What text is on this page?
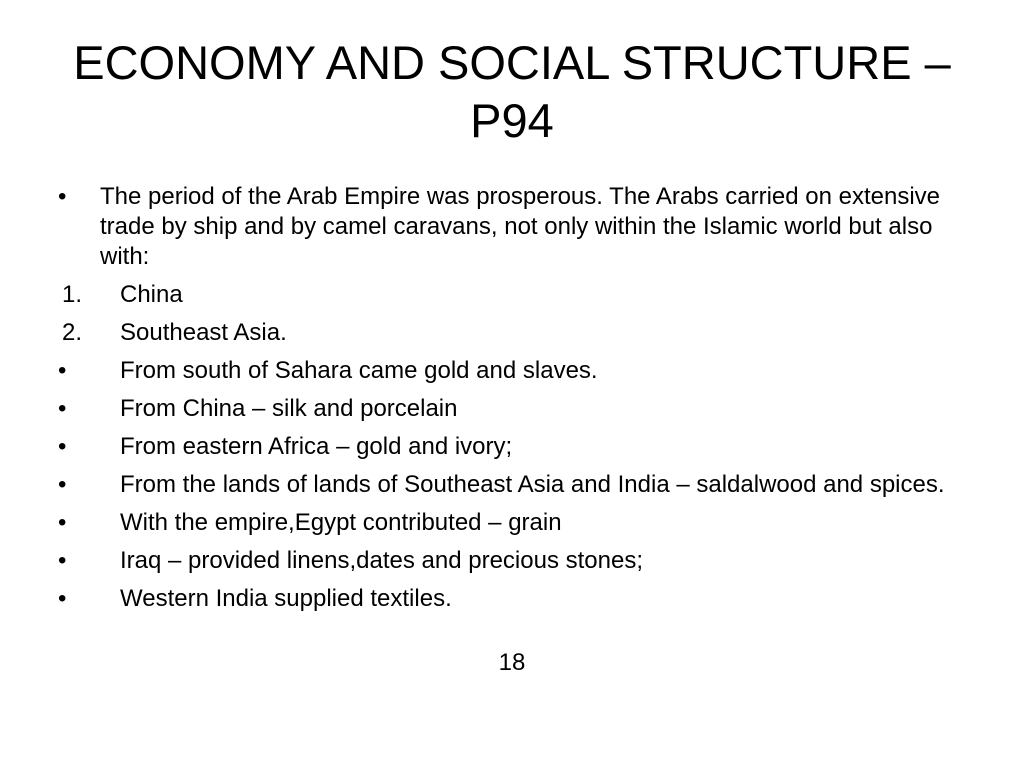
ECONOMY AND SOCIAL STRUCTURE – P94
•	The period of the Arab Empire was prosperous. The Arabs carried on extensive trade by ship and by camel caravans, not only within the Islamic world but also with:
1.	China
2.	Southeast Asia.
•	From south of Sahara came gold and slaves.
•	From China – silk and porcelain
•	From eastern Africa – gold and ivory;
•	From the lands of lands of Southeast Asia and India – saldalwood and spices.
•	With the empire,Egypt contributed – grain
•	Iraq – provided linens,dates and precious stones;
•	Western India supplied textiles.
18
